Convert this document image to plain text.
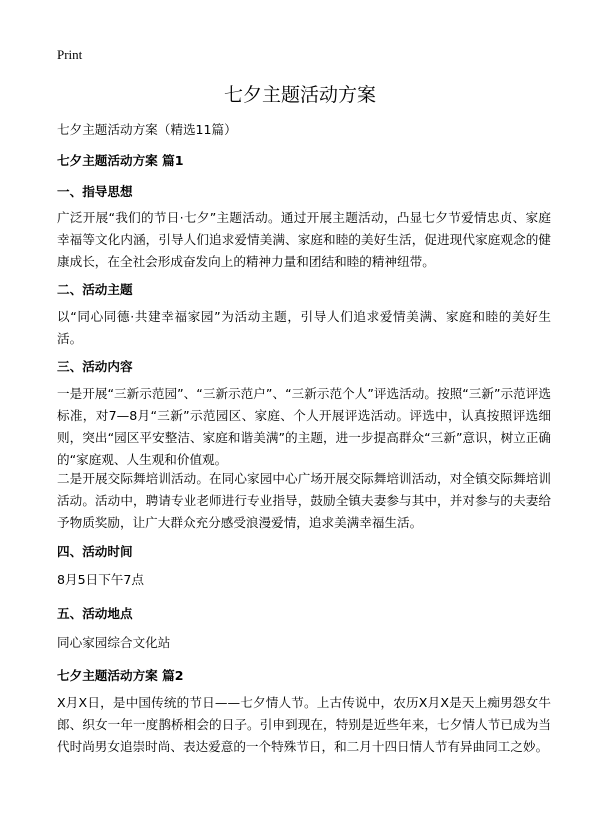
Print
七夕主题活动方案
七夕主题活动方案（精选11篇）
七夕主题活动方案 篇1
一、指导思想
广泛开展“我们的节日·七夕”主题活动。通过开展主题活动，凸显七夕节爱情忠贞、家庭幸福等文化内涵，引导人们追求爱情美满、家庭和睦的美好生活，促进现代家庭观念的健康成长，在全社会形成奋发向上的精神力量和团结和睦的精神纽带。
二、活动主题
以“同心同德·共建幸福家园”为活动主题，引导人们追求爱情美满、家庭和睦的美好生活。
三、活动内容
一是开展“三新示范园”、“三新示范户”、“三新示范个人”评选活动。按照“三新”示范评选标准，对7—8月“三新”示范园区、家庭、个人开展评选活动。评选中，认真按照评选细则，突出“园区平安整洁、家庭和谐美满”的主题，进一步提高群众“三新”意识，树立正确的“家庭观、人生观和价值观。
二是开展交际舞培训活动。在同心家园中心广场开展交际舞培训活动，对全镇交际舞培训活动。活动中，聘请专业老师进行专业指导，鼓励全镇夫妻参与其中，并对参与的夫妻给予物质奖励，让广大群众充分感受浪漫爱情，追求美满幸福生活。
四、活动时间
8月5日下午7点
五、活动地点
同心家园综合文化站
七夕主题活动方案 篇2
X月X日，是中国传统的节日——七夕情人节。上古传说中，农历X月X是天上痴男怨女牛郎、织女一年一度鹊桥相会的日子。引申到现在，特别是近些年来，七夕情人节已成为当代时尚男女追崇时尚、表达爱意的一个特殊节日，和二月十四日情人节有异曲同工之妙。
